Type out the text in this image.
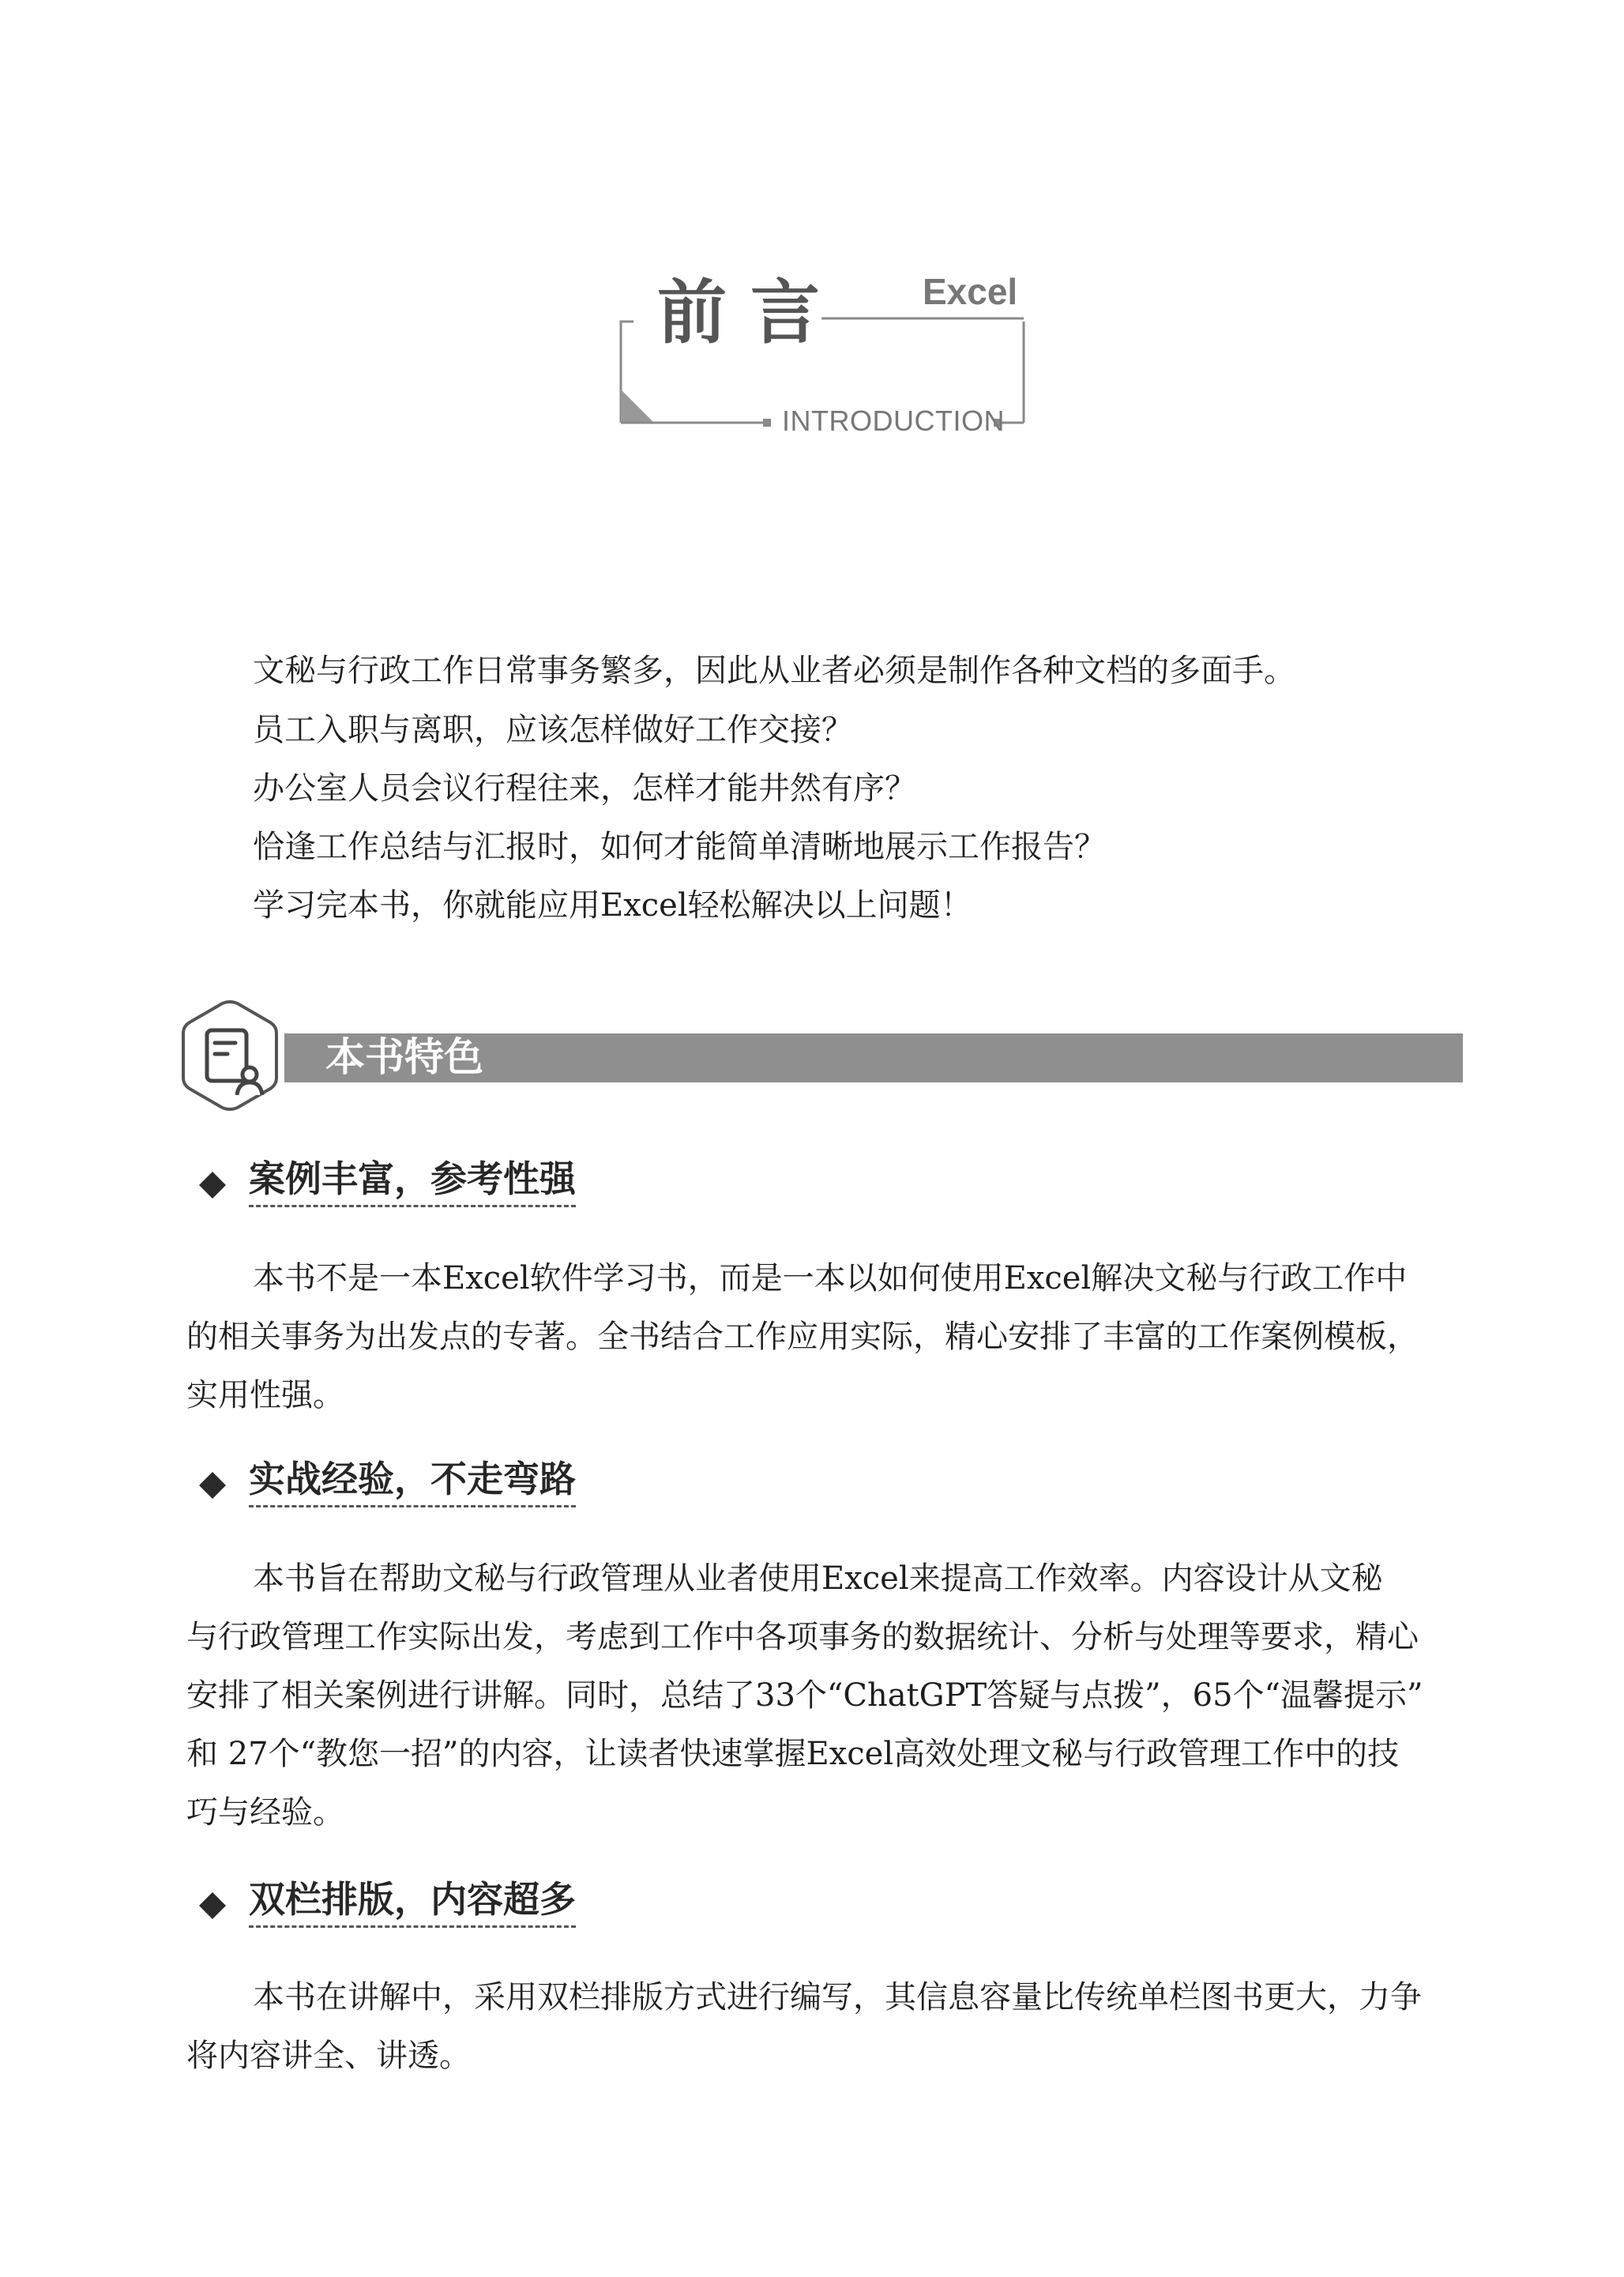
前言 Excel
INTRODUCTION
文秘与行政工作日常事务繁多，因此从业者必须是制作各种文档的多面手。
员工入职与离职，应该怎样做好工作交接？
办公室人员会议行程往来，怎样才能井然有序？
恰逢工作总结与汇报时，如何才能简单清晰地展示工作报告？
学习完本书，你就能应用Excel轻松解决以上问题！
本书特色
案例丰富，参考性强
本书不是一本Excel软件学习书，而是一本以如何使用Excel解决文秘与行政工作中
的相关事务为出发点的专著。全书结合工作应用实际，精心安排了丰富的工作案例模板，
实用性强。
实战经验，不走弯路
本书旨在帮助文秘与行政管理从业者使用Excel来提高工作效率。内容设计从文秘
与行政管理工作实际出发，考虑到工作中各项事务的数据统计、分析与处理等要求，精心
安排了相关案例进行讲解。同时，总结了33个“ChatGPT答疑与点拨”，65个“温馨提示”
和 27个“教您一招”的内容，让读者快速掌握Excel高效处理文秘与行政管理工作中的技
巧与经验。
双栏排版，内容超多
本书在讲解中，采用双栏排版方式进行编写，其信息容量比传统单栏图书更大，力争
将内容讲全、讲透。
